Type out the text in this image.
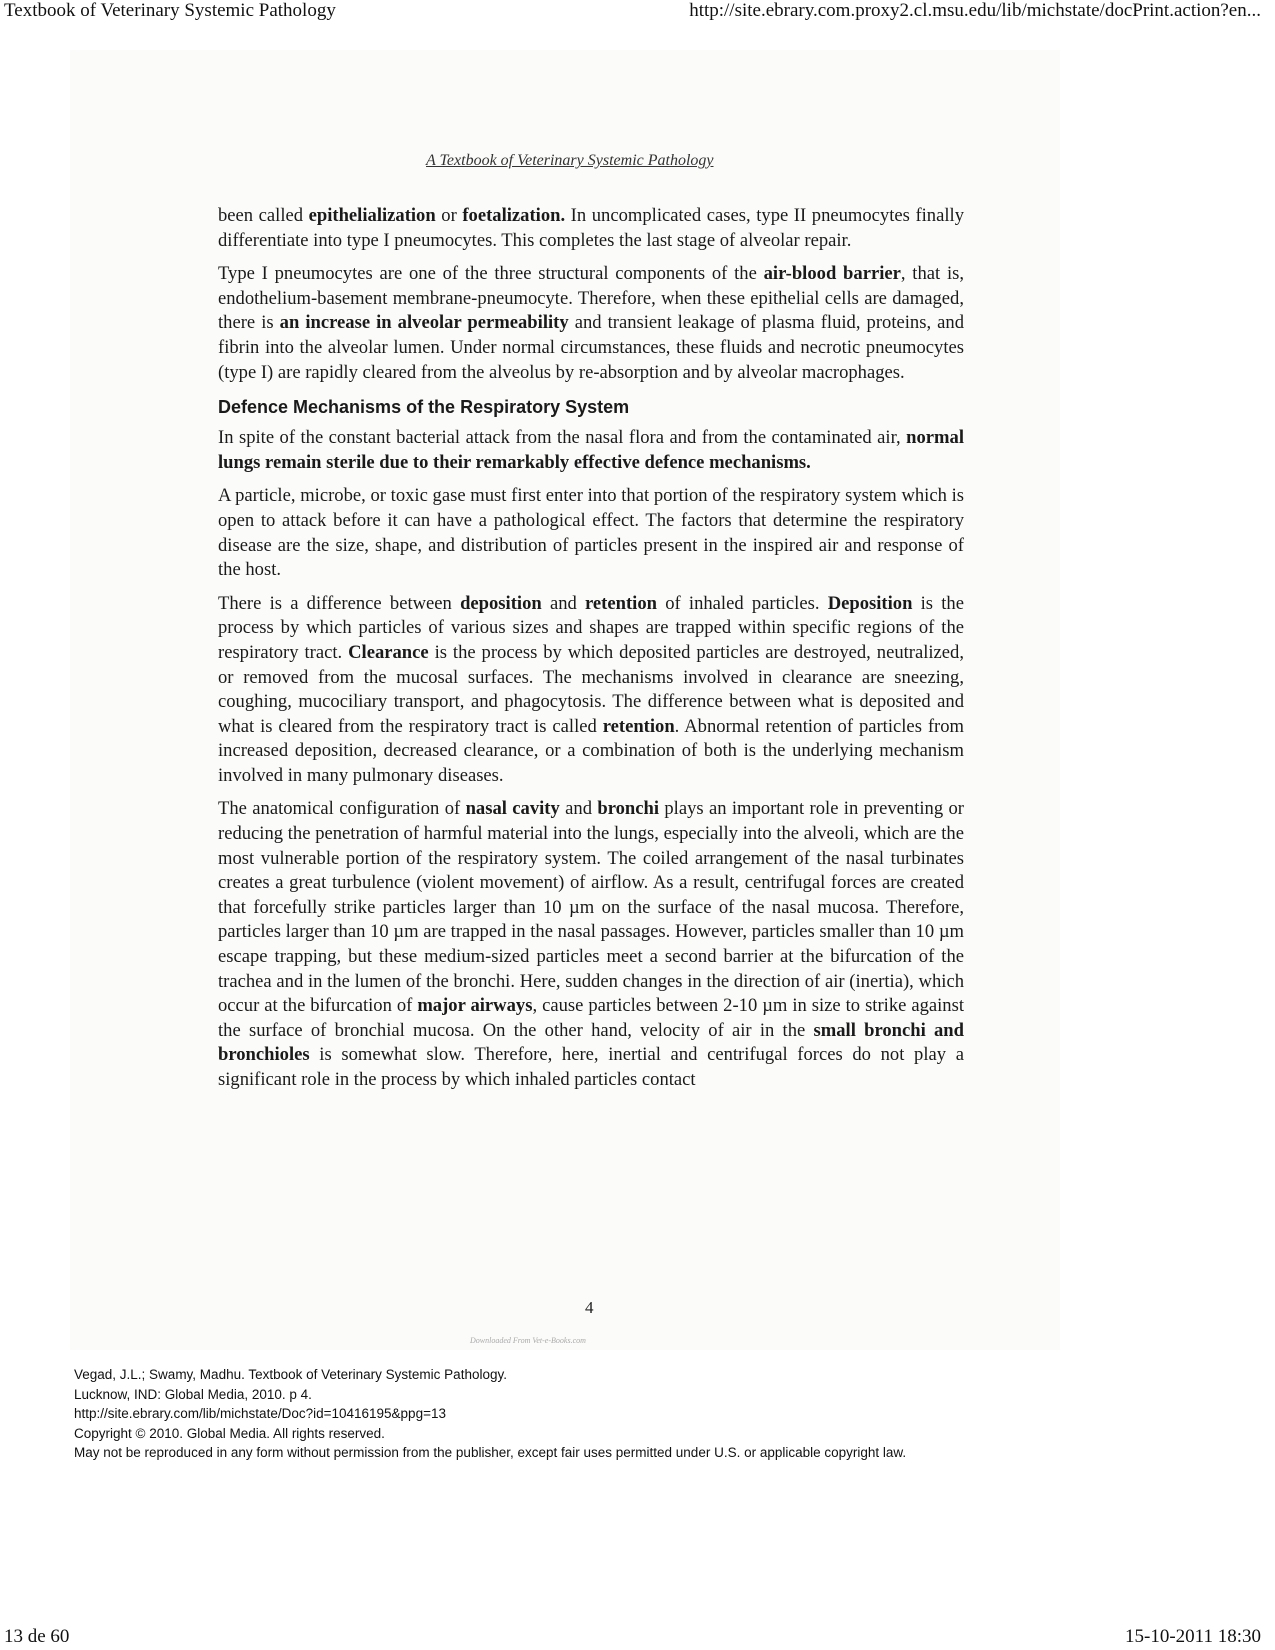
Textbook of Veterinary Systemic Pathology	http://site.ebrary.com.proxy2.cl.msu.edu/lib/michstate/docPrint.action?en...
A Textbook of Veterinary Systemic Pathology

been called epithelialization or foetalization. In uncomplicated cases, type II pneumocytes finally differentiate into type I pneumocytes. This completes the last stage of alveolar repair.

Type I pneumocytes are one of the three structural components of the air-blood barrier, that is, endothelium-basement membrane-pneumocyte. Therefore, when these epithelial cells are damaged, there is an increase in alveolar permeability and transient leakage of plasma fluid, proteins, and fibrin into the alveolar lumen. Under normal circumstances, these fluids and necrotic pneumocytes (type I) are rapidly cleared from the alveolus by re-absorption and by alveolar macrophages.

Defence Mechanisms of the Respiratory System

In spite of the constant bacterial attack from the nasal flora and from the contaminated air, normal lungs remain sterile due to their remarkably effective defence mechanisms.

A particle, microbe, or toxic gase must first enter into that portion of the respiratory system which is open to attack before it can have a pathological effect. The factors that determine the respiratory disease are the size, shape, and distribution of particles present in the inspired air and response of the host.

There is a difference between deposition and retention of inhaled particles. Deposition is the process by which particles of various sizes and shapes are trapped within specific regions of the respiratory tract. Clearance is the process by which deposited particles are destroyed, neutralized, or removed from the mucosal surfaces. The mechanisms involved in clearance are sneezing, coughing, mucociliary transport, and phagocytosis. The difference between what is deposited and what is cleared from the respiratory tract is called retention. Abnormal retention of particles from increased deposition, decreased clearance, or a combination of both is the underlying mechanism involved in many pulmonary diseases.

The anatomical configuration of nasal cavity and bronchi plays an important role in preventing or reducing the penetration of harmful material into the lungs, especially into the alveoli, which are the most vulnerable portion of the respiratory system. The coiled arrangement of the nasal turbinates creates a great turbulence (violent movement) of airflow. As a result, centrifugal forces are created that forcefully strike particles larger than 10 µm on the surface of the nasal mucosa. Therefore, particles larger than 10 µm are trapped in the nasal passages. However, particles smaller than 10 µm escape trapping, but these medium-sized particles meet a second barrier at the bifurcation of the trachea and in the lumen of the bronchi. Here, sudden changes in the direction of air (inertia), which occur at the bifurcation of major airways, cause particles between 2-10 µm in size to strike against the surface of bronchial mucosa. On the other hand, velocity of air in the small bronchi and bronchioles is somewhat slow. Therefore, here, inertial and centrifugal forces do not play a significant role in the process by which inhaled particles contact

4
Downloaded From Vet-e-Books.com
Vegad, J.L.; Swamy, Madhu. Textbook of Veterinary Systemic Pathology.
Lucknow, IND: Global Media, 2010. p 4.
http://site.ebrary.com/lib/michstate/Doc?id=10416195&ppg=13
Copyright © 2010. Global Media. All rights reserved.
May not be reproduced in any form without permission from the publisher, except fair uses permitted under U.S. or applicable copyright law.
13 de 60	15-10-2011 18:30
